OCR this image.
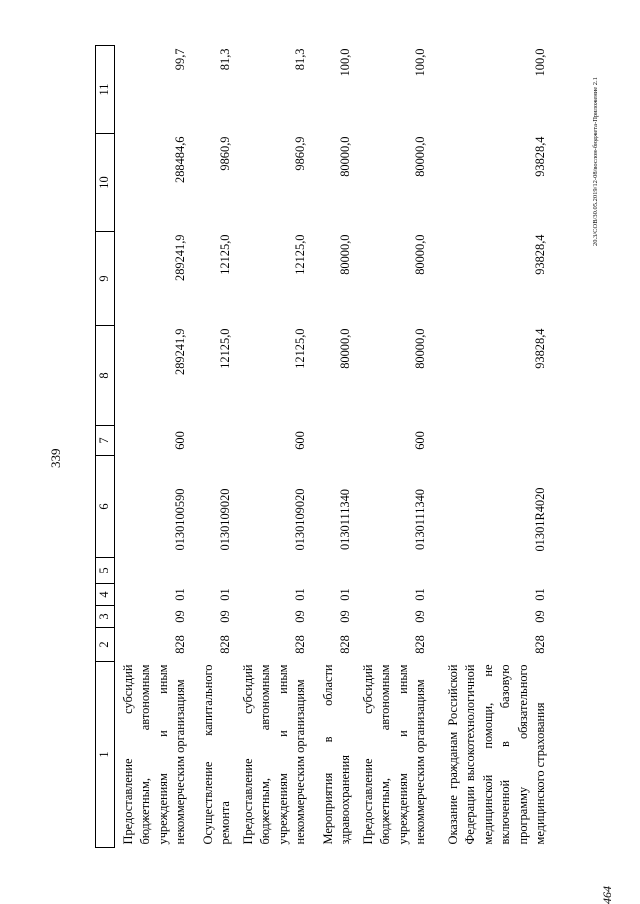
339
20.3/СОВ/30.05.2019/12-08/вослон-бюджета-Приложение 2.1
464
1	2	3	4	5	6	7	8	9	10	11
Предоставление субсидий бюджетным, автономным учреждениям и иным некоммерческим организациям	828	09	01	0130100590		600	289241,9	289241,9	288484,6	99,7
Осуществление капитального ремонта	828	09	01	0130109020			12125,0	12125,0	9860,9	81,3
Предоставление субсидий бюджетным, автономным учреждениям и иным некоммерческим организациям	828	09	01	0130109020		600	12125,0	12125,0	9860,9	81,3
Мероприятия в области здравоохранения	828	09	01	0130111340			80000,0	80000,0	80000,0	100,0
Предоставление субсидий бюджетным, автономным учреждениям и иным некоммерческим организациям	828	09	01	0130111340		600	80000,0	80000,0	80000,0	100,0
Оказание гражданам Российской Федерации высокотехнологичной медицинской помощи, не включенной в базовую программу обязательного медицинского страхования	828	09	01	01301R4020			93828,4	93828,4	93828,4	100,0
